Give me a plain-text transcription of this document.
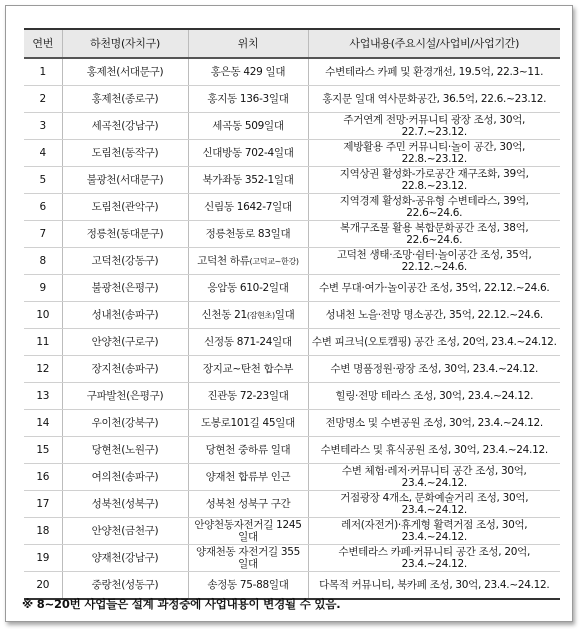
연번	하천명(자치구)	위치	사업내용(주요시설/사업비/사업기간)
1	홍제천(서대문구)	홍은동 429 일대	수변테라스 카페 및 환경개선, 19.5억, 22.3~11.
2	홍제천(종로구)	홍지동 136-3일대	홍지문 일대 역사문화공간, 36.5억, 22.6.~23.12.
3	세곡천(강남구)	세곡동 509일대	주거연계 전망·커뮤니티 광장 조성, 30억, 22.7.~23.12.
4	도림천(동작구)	신대방동 702-4일대	제방활용 주민 커뮤니티·놀이 공간, 30억, 22.8.~23.12.
5	불광천(서대문구)	북가좌동 352-1일대	지역상권 활성화-가로공간 재구조화, 39억, 22.8.~23.12.
6	도림천(관악구)	신림동 1642-7일대	지역경제 활성화-공유형 수변테라스, 39억, 22.6~24.6.
7	정릉천(동대문구)	정릉천동로 83일대	복개구조물 활용 복합문화공간 조성, 38억, 22.6~24.6.
8	고덕천(강동구)	고덕천 하류(고덕교~한강)	고덕천 생태·조망·쉼터·놀이공간 조성, 35억, 22.12.~24.6.
9	불광천(은평구)	응암동 610-2일대	수변 무대·여가·놀이공간 조성, 35억, 22.12.~24.6.
10	성내천(송파구)	신천동 21(잠현초)일대	성내천 노을·전망 명소공간, 35억, 22.12.~24.6.
11	안양천(구로구)	신정동 871-24일대	수변 피크닉(오토캠핑) 공간 조성, 20억, 23.4.~24.12.
12	장지천(송파구)	장지교~탄천 합수부	수변 명품정원·광장 조성, 30억, 23.4.~24.12.
13	구파발천(은평구)	진관동 72-23일대	힐링·전망 테라스 조성, 30억, 23.4.~24.12.
14	우이천(강북구)	도봉로101길 45일대	전망명소 및 수변공원 조성, 30억, 23.4.~24.12.
15	당현천(노원구)	당현천 중하류 일대	수변테라스 및 휴식공원 조성, 30억, 23.4.~24.12.
16	여의천(송파구)	양재천 합류부 인근	수변 체험·레저·커뮤니티 공간 조성, 30억, 23.4.~24.12.
17	성북천(성북구)	성북천 성북구 구간	거점광장 4개소, 문화예술거리 조성, 30억, 23.4.~24.12.
18	안양천(금천구)	안양천동자전거길 1245일대	레저(자전거)·휴게형 활력거점 조성, 30억, 23.4.~24.12.
19	양재천(강남구)	양재천동 자전거길 355일대	수변테라스 카페·커뮤니티 공간 조성, 20억, 23.4.~24.12.
20	중랑천(성동구)	송정동 75-88일대	다목적 커뮤니티, 북카페 조성, 30억, 23.4.~24.12.
※ 8~20번 사업들은 설계 과정중에 사업내용이 변경될 수 있음.
